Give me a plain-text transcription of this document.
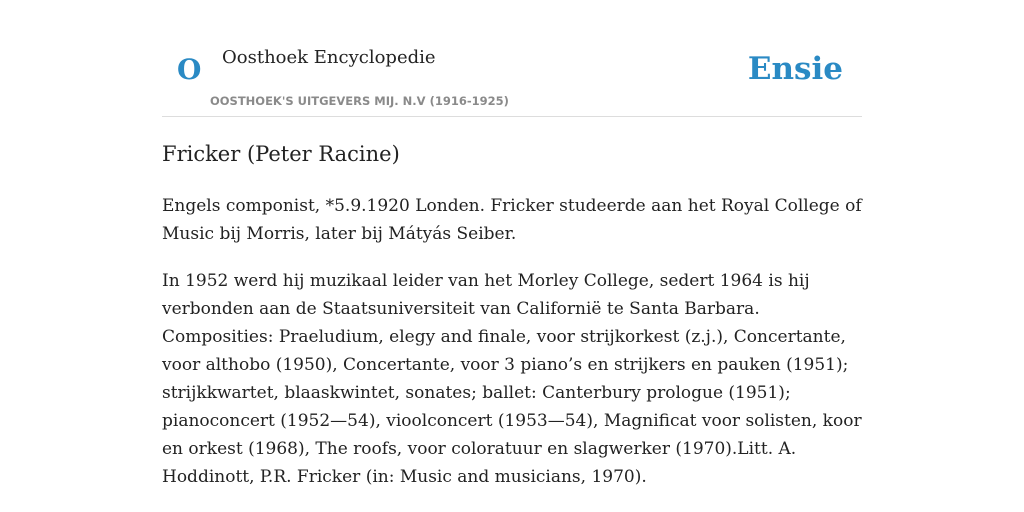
O Oosthoek Encyclopedie
OOSTHOEK'S UITGEVERS MIJ. N.V (1916-1925)
Ensie
Fricker (Peter Racine)

Engels componist, *5.9.1920 Londen. Fricker studeerde aan het Royal College of Music bij Morris, later bij Mátyás Seiber.

In 1952 werd hij muzikaal leider van het Morley College, sedert 1964 is hij verbonden aan de Staatsuniversiteit van Californië te Santa Barbara. Composities: Praeludium, elegy and finale, voor strijkorkest (z.j.), Concertante, voor althobo (1950), Concertante, voor 3 piano’s en strijkers en pauken (1951); strijkkwartet, blaaskwintet, sonates; ballet: Canterbury prologue (1951); pianoconcert (1952—54), vioolconcert (1953—54), Magnificat voor solisten, koor en orkest (1968), The roofs, voor coloratuur en slagwerker (1970).Litt. A. Hoddinott, P.R. Fricker (in: Music and musicians, 1970).
